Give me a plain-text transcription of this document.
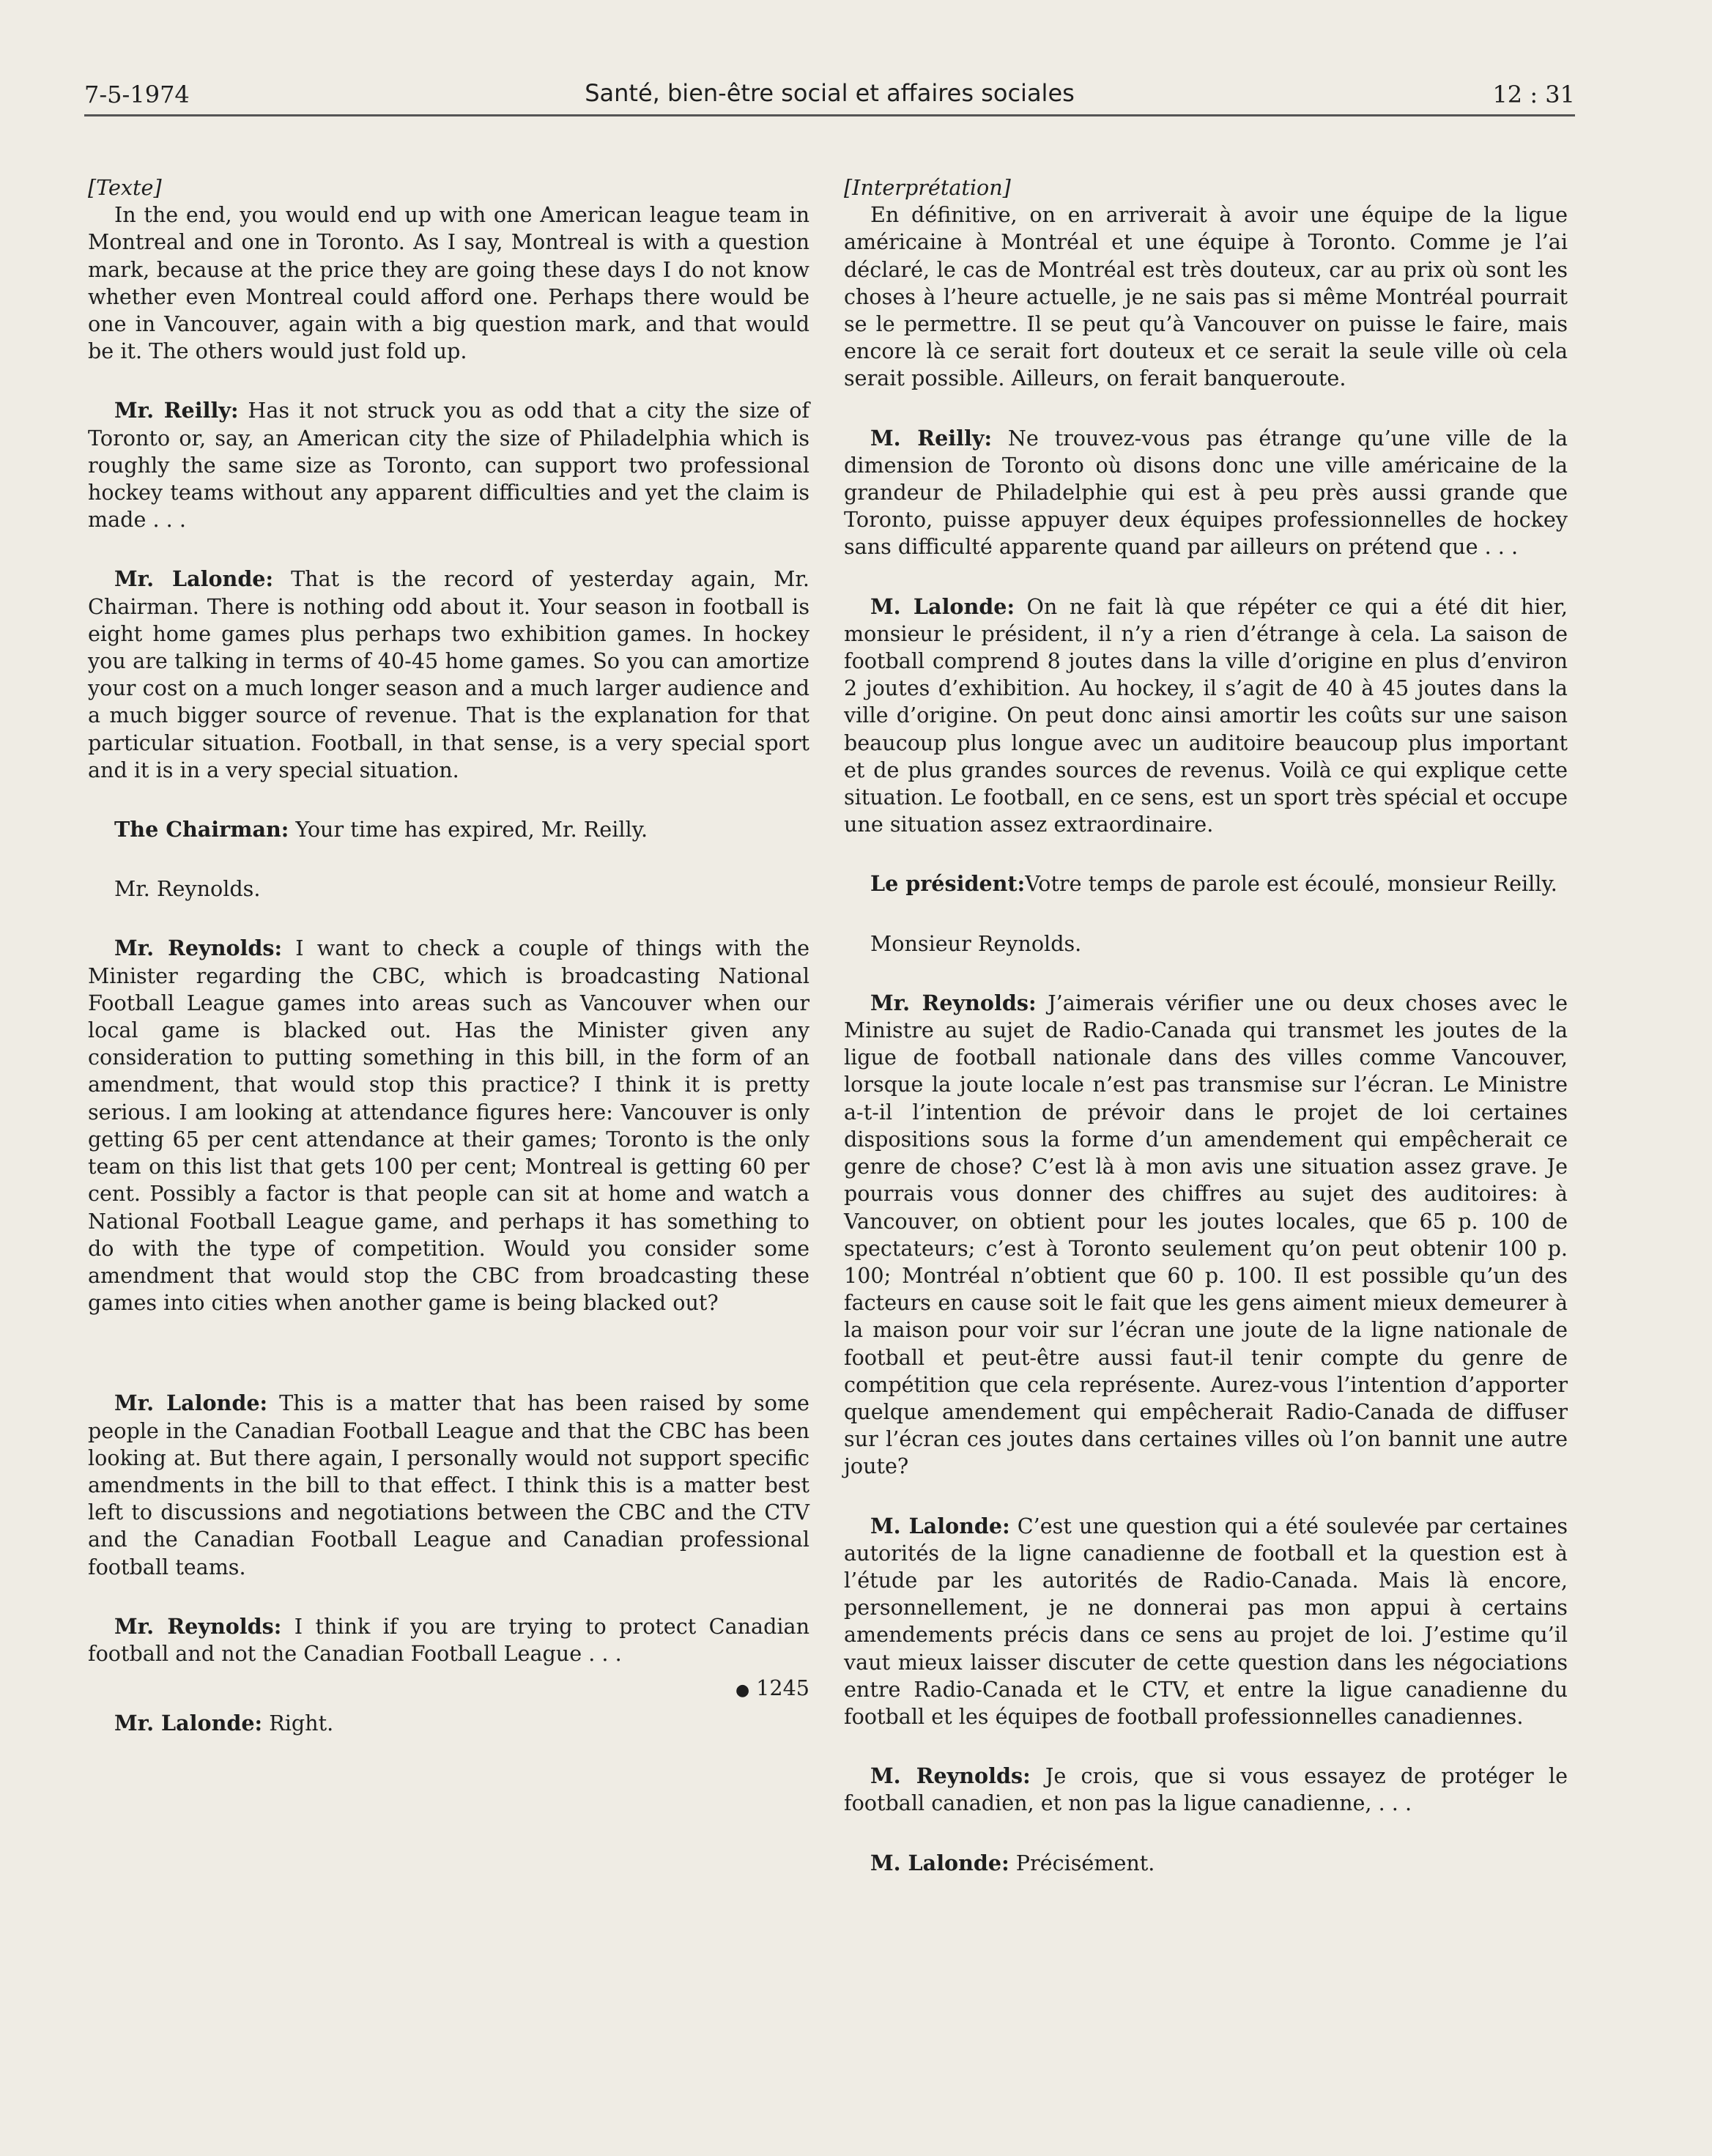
7-5-1974	Santé, bien-être social et affaires sociales	12 : 31

[Texte]

In the end, you would end up with one American league team in Montreal and one in Toronto. As I say, Montreal is with a question mark, because at the price they are going these days I do not know whether even Montreal could afford one. Perhaps there would be one in Vancouver, again with a big question mark, and that would be it. The others would just fold up.

Mr. Reilly: Has it not struck you as odd that a city the size of Toronto or, say, an American city the size of Philadelphia which is roughly the same size as Toronto, can support two professional hockey teams without any apparent difficulties and yet the claim is made . . .

Mr. Lalonde: That is the record of yesterday again, Mr. Chairman. There is nothing odd about it. Your season in football is eight home games plus perhaps two exhibition games. In hockey you are talking in terms of 40-45 home games. So you can amortize your cost on a much longer season and a much larger audience and a much bigger source of revenue. That is the explanation for that particular situation. Football, in that sense, is a very special sport and it is in a very special situation.

The Chairman: Your time has expired, Mr. Reilly.

Mr. Reynolds.

Mr. Reynolds: I want to check a couple of things with the Minister regarding the CBC, which is broadcasting National Football League games into areas such as Vancouver when our local game is blacked out. Has the Minister given any consideration to putting something in this bill, in the form of an amendment, that would stop this practice? I think it is pretty serious. I am looking at attendance figures here: Vancouver is only getting 65 per cent attendance at their games; Toronto is the only team on this list that gets 100 per cent; Montreal is getting 60 per cent. Possibly a factor is that people can sit at home and watch a National Football League game, and perhaps it has something to do with the type of competition. Would you consider some amendment that would stop the CBC from broadcasting these games into cities when another game is being blacked out?

Mr. Lalonde: This is a matter that has been raised by some people in the Canadian Football League and that the CBC has been looking at. But there again, I personally would not support specific amendments in the bill to that effect. I think this is a matter best left to discussions and negotiations between the CBC and the CTV and the Canadian Football League and Canadian professional football teams.

Mr. Reynolds: I think if you are trying to protect Canadian football and not the Canadian Football League . . .

● 1245

Mr. Lalonde: Right.

[Interprétation]

En définitive, on en arriverait à avoir une équipe de la ligue américaine à Montréal et une équipe à Toronto. Comme je l’ai déclaré, le cas de Montréal est très douteux, car au prix où sont les choses à l’heure actuelle, je ne sais pas si même Montréal pourrait se le permettre. Il se peut qu’à Vancouver on puisse le faire, mais encore là ce serait fort douteux et ce serait la seule ville où cela serait possible. Ailleurs, on ferait banqueroute.

M. Reilly: Ne trouvez-vous pas étrange qu’une ville de la dimension de Toronto où disons donc une ville américaine de la grandeur de Philadelphie qui est à peu près aussi grande que Toronto, puisse appuyer deux équipes professionnelles de hockey sans difficulté apparente quand par ailleurs on prétend que . . .

M. Lalonde: On ne fait là que répéter ce qui a été dit hier, monsieur le président, il n’y a rien d’étrange à cela. La saison de football comprend 8 joutes dans la ville d’origine en plus d’environ 2 joutes d’exhibition. Au hockey, il s’agit de 40 à 45 joutes dans la ville d’origine. On peut donc ainsi amortir les coûts sur une saison beaucoup plus longue avec un auditoire beaucoup plus important et de plus grandes sources de revenus. Voilà ce qui explique cette situation. Le football, en ce sens, est un sport très spécial et occupe une situation assez extraordinaire.

Le président:Votre temps de parole est écoulé, monsieur Reilly.

Monsieur Reynolds.

Mr. Reynolds: J’aimerais vérifier une ou deux choses avec le Ministre au sujet de Radio-Canada qui transmet les joutes de la ligue de football nationale dans des villes comme Vancouver, lorsque la joute locale n’est pas transmise sur l’écran. Le Ministre a-t-il l’intention de prévoir dans le projet de loi certaines dispositions sous la forme d’un amendement qui empêcherait ce genre de chose? C’est là à mon avis une situation assez grave. Je pourrais vous donner des chiffres au sujet des auditoires: à Vancouver, on obtient pour les joutes locales, que 65 p. 100 de spectateurs; c’est à Toronto seulement qu’on peut obtenir 100 p. 100; Montréal n’obtient que 60 p. 100. Il est possible qu’un des facteurs en cause soit le fait que les gens aiment mieux demeurer à la maison pour voir sur l’écran une joute de la ligne nationale de football et peut-être aussi faut-il tenir compte du genre de compétition que cela représente. Aurez-vous l’intention d’apporter quelque amendement qui empêcherait Radio-Canada de diffuser sur l’écran ces joutes dans certaines villes où l’on bannit une autre joute?

M. Lalonde: C’est une question qui a été soulevée par certaines autorités de la ligne canadienne de football et la question est à l’étude par les autorités de Radio-Canada. Mais là encore, personnellement, je ne donnerai pas mon appui à certains amendements précis dans ce sens au projet de loi. J’estime qu’il vaut mieux laisser discuter de cette question dans les négociations entre Radio-Canada et le CTV, et entre la ligue canadienne du football et les équipes de football professionnelles canadiennes.

M. Reynolds: Je crois, que si vous essayez de protéger le football canadien, et non pas la ligue canadienne, . . .

M. Lalonde: Précisément.
